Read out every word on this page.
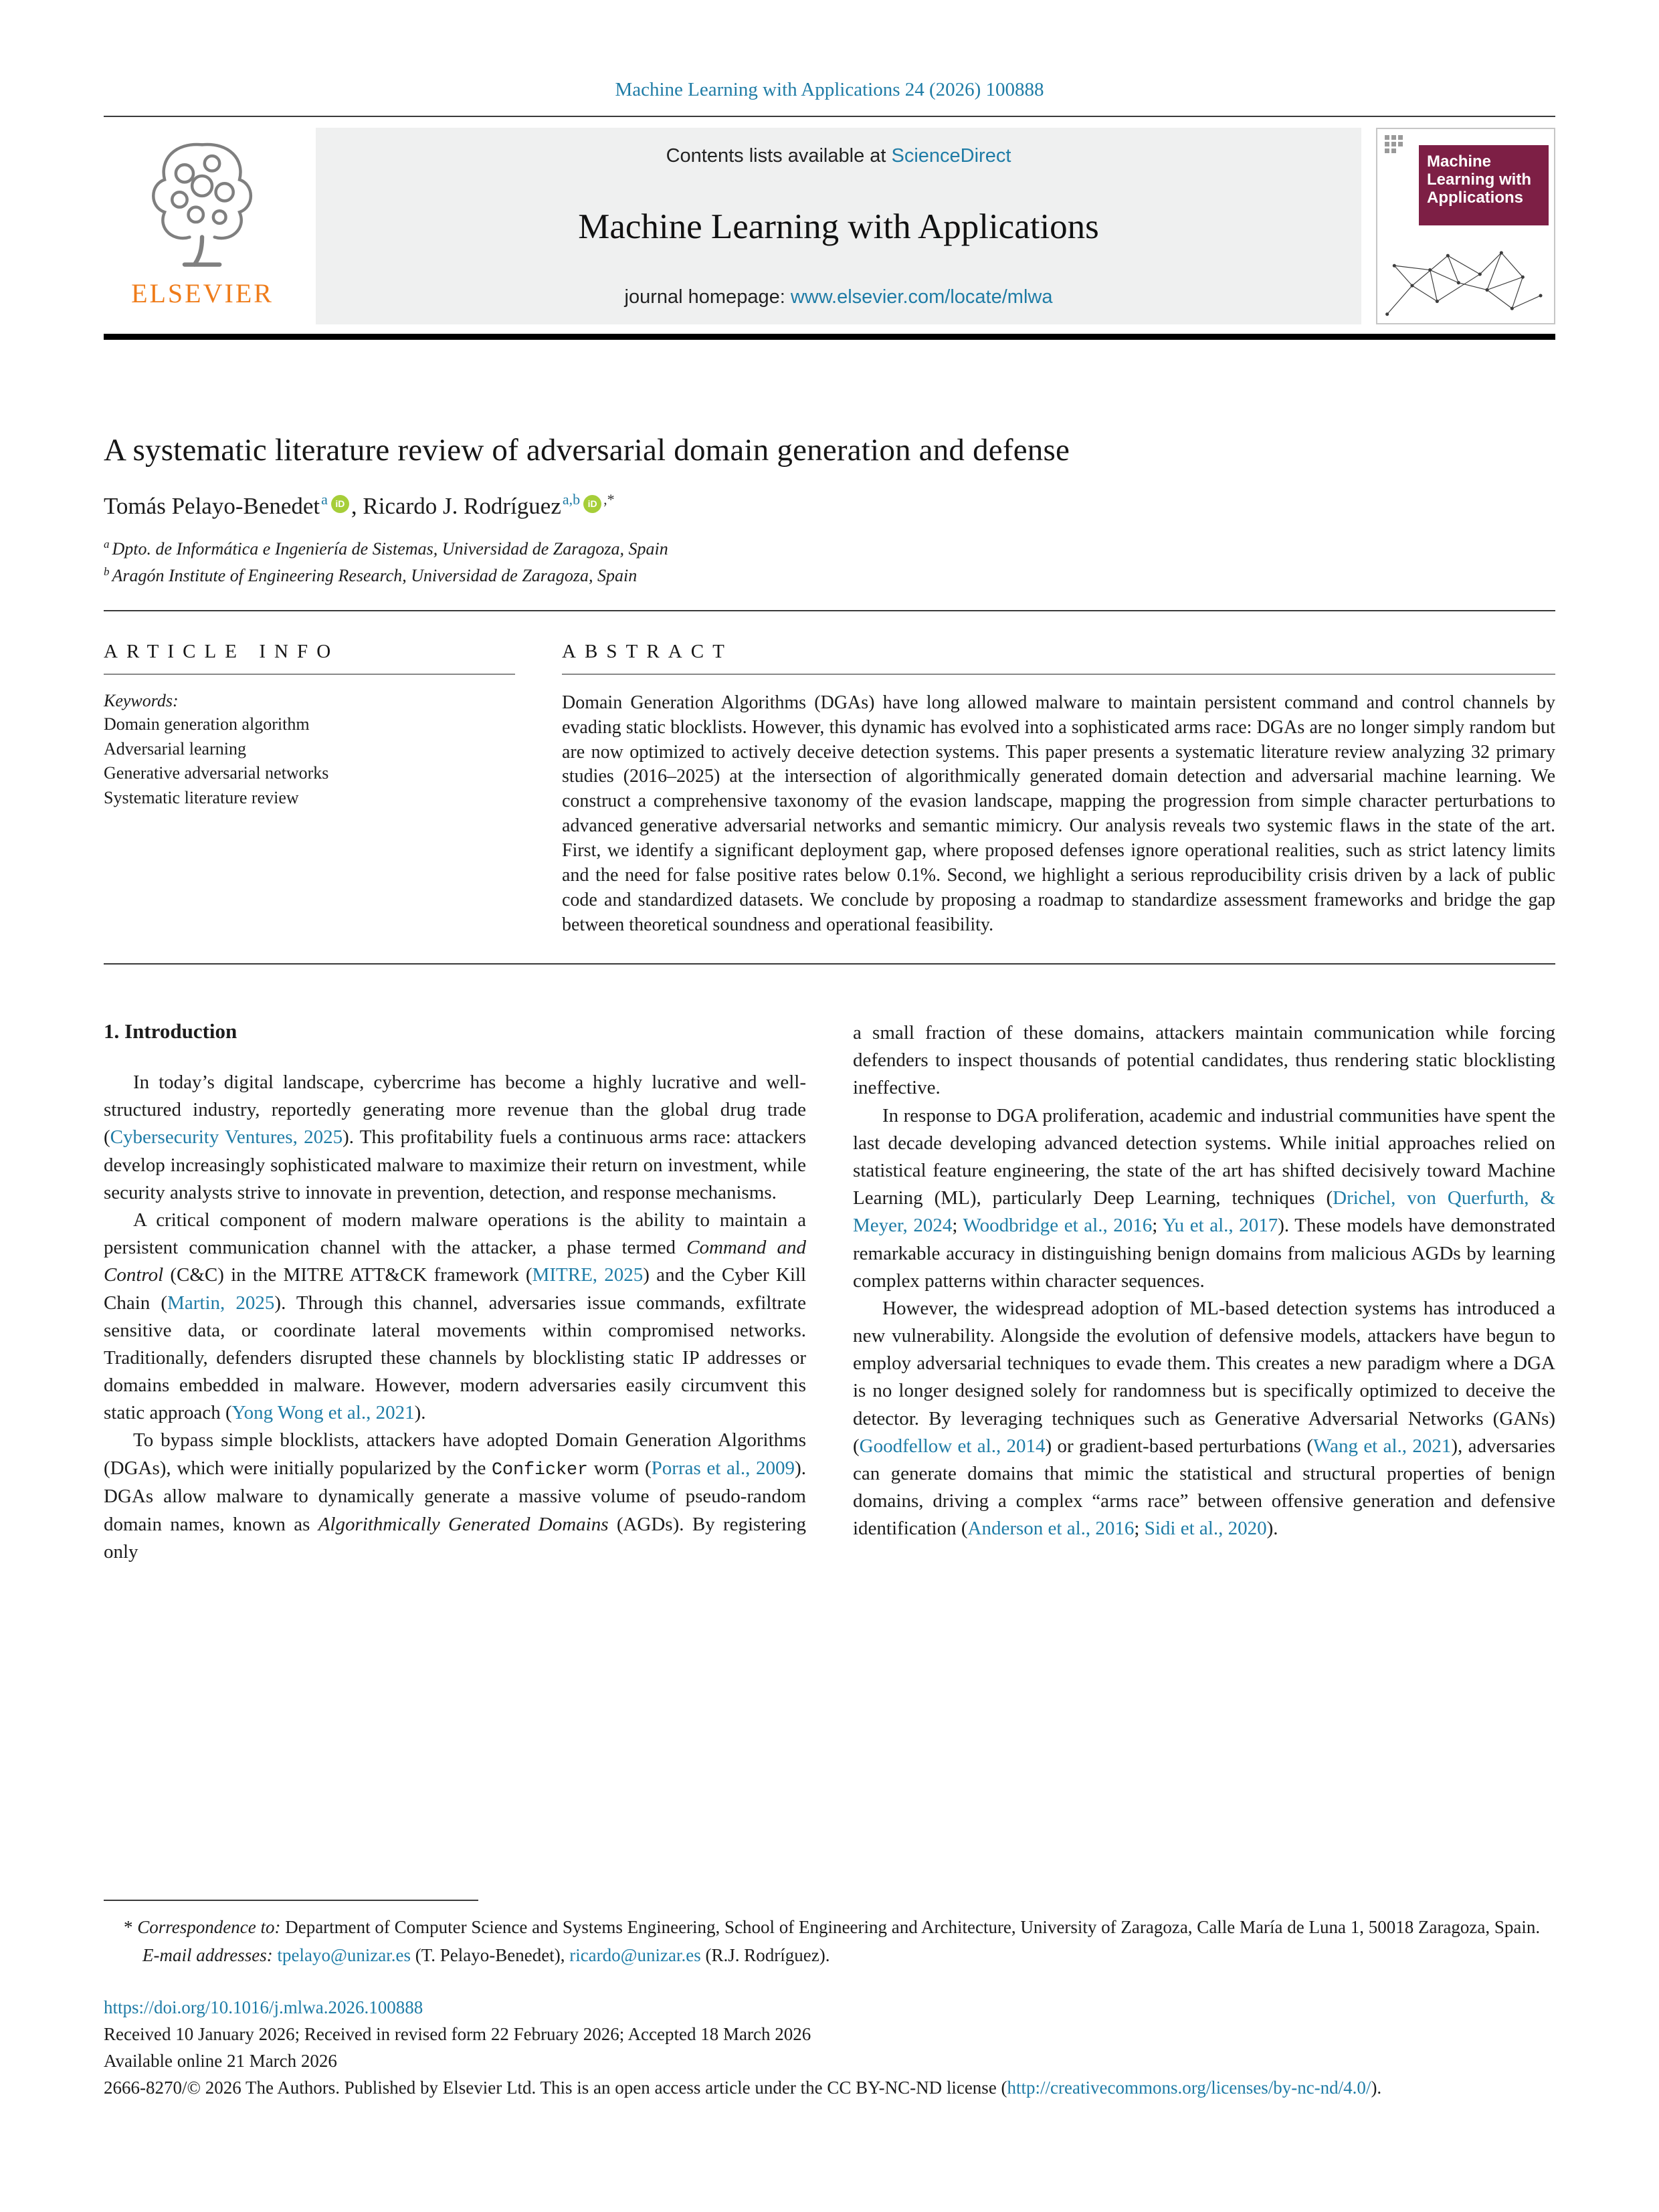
Machine Learning with Applications 24 (2026) 100888
ELSEVIER
Contents lists available at ScienceDirect
Machine Learning with Applications
journal homepage: www.elsevier.com/locate/mlwa
Machine Learning with Applications
A systematic literature review of adversarial domain generation and defense
Tomás Pelayo-Benedet$^a$ iD , Ricardo J. Rodríguez$^{a,b}$ iD ,*
$^a$ Dpto. de Informática e Ingeniería de Sistemas, Universidad de Zaragoza, Spain
$^b$ Aragón Institute of Engineering Research, Universidad de Zaragoza, Spain
ARTICLE INFO
Keywords:
Domain generation algorithm
Adversarial learning
Generative adversarial networks
Systematic literature review
ABSTRACT

Domain Generation Algorithms (DGAs) have long allowed malware to maintain persistent command and control channels by evading static blocklists. However, this dynamic has evolved into a sophisticated arms race: DGAs are no longer simply random but are now optimized to actively deceive detection systems. This paper presents a systematic literature review analyzing 32 primary studies (2016–2025) at the intersection of algorithmically generated domain detection and adversarial machine learning. We construct a comprehensive taxonomy of the evasion landscape, mapping the progression from simple character perturbations to advanced generative adversarial networks and semantic mimicry. Our analysis reveals two systemic flaws in the state of the art. First, we identify a significant deployment gap, where proposed defenses ignore operational realities, such as strict latency limits and the need for false positive rates below 0.1%. Second, we highlight a serious reproducibility crisis driven by a lack of public code and standardized datasets. We conclude by proposing a roadmap to standardize assessment frameworks and bridge the gap between theoretical soundness and operational feasibility.

1. Introduction

In today’s digital landscape, cybercrime has become a highly lucrative and well-structured industry, reportedly generating more revenue than the global drug trade (Cybersecurity Ventures, 2025). This profitability fuels a continuous arms race: attackers develop increasingly sophisticated malware to maximize their return on investment, while security analysts strive to innovate in prevention, detection, and response mechanisms.

A critical component of modern malware operations is the ability to maintain a persistent communication channel with the attacker, a phase termed Command and Control (C&C) in the MITRE ATT&CK framework (MITRE, 2025) and the Cyber Kill Chain (Martin, 2025). Through this channel, adversaries issue commands, exfiltrate sensitive data, or coordinate lateral movements within compromised networks. Traditionally, defenders disrupted these channels by blocklisting static IP addresses or domains embedded in malware. However, modern adversaries easily circumvent this static approach (Yong Wong et al., 2021).

To bypass simple blocklists, attackers have adopted Domain Generation Algorithms (DGAs), which were initially popularized by the Conficker worm (Porras et al., 2009). DGAs allow malware to dynamically generate a massive volume of pseudo-random domain names, known as Algorithmically Generated Domains (AGDs). By registering only

a small fraction of these domains, attackers maintain communication while forcing defenders to inspect thousands of potential candidates, thus rendering static blocklisting ineffective.

In response to DGA proliferation, academic and industrial communities have spent the last decade developing advanced detection systems. While initial approaches relied on statistical feature engineering, the state of the art has shifted decisively toward Machine Learning (ML), particularly Deep Learning, techniques (Drichel, von Querfurth, & Meyer, 2024; Woodbridge et al., 2016; Yu et al., 2017). These models have demonstrated remarkable accuracy in distinguishing benign domains from malicious AGDs by learning complex patterns within character sequences.

However, the widespread adoption of ML-based detection systems has introduced a new vulnerability. Alongside the evolution of defensive models, attackers have begun to employ adversarial techniques to evade them. This creates a new paradigm where a DGA is no longer designed solely for randomness but is specifically optimized to deceive the detector. By leveraging techniques such as Generative Adversarial Networks (GANs) (Goodfellow et al., 2014) or gradient-based perturbations (Wang et al., 2021), adversaries can generate domains that mimic the statistical and structural properties of benign domains, driving a complex “arms race” between offensive generation and defensive identification (Anderson et al., 2016; Sidi et al., 2020).

* Correspondence to: Department of Computer Science and Systems Engineering, School of Engineering and Architecture, University of Zaragoza, Calle María de Luna 1, 50018 Zaragoza, Spain.

E-mail addresses: tpelayo@unizar.es (T. Pelayo-Benedet), ricardo@unizar.es (R.J. Rodríguez).

https://doi.org/10.1016/j.mlwa.2026.100888

Received 10 January 2026; Received in revised form 22 February 2026; Accepted 18 March 2026

Available online 21 March 2026

2666-8270/© 2026 The Authors. Published by Elsevier Ltd. This is an open access article under the CC BY-NC-ND license (http://creativecommons.org/licenses/by-nc-nd/4.0/).
